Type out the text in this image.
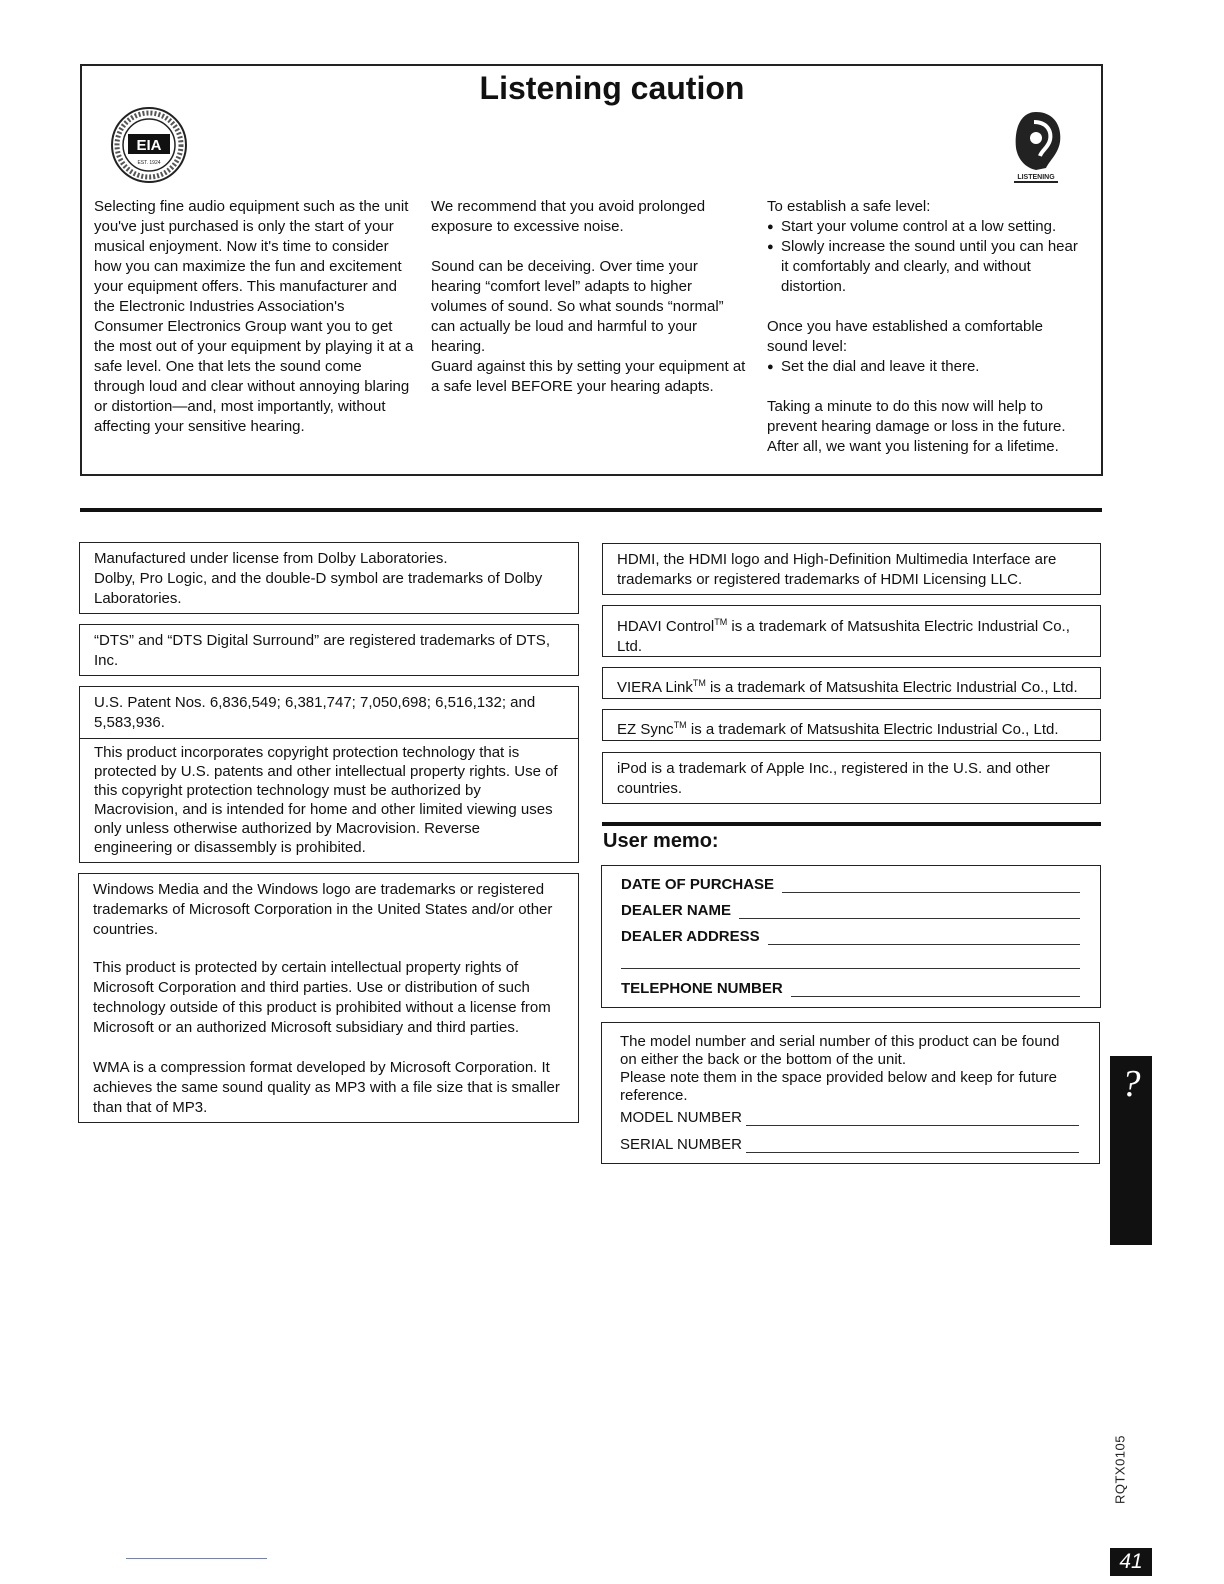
Listening caution
EIA
EST. 1924
LISTENING

Selecting fine audio equipment such as the unit
you've just purchased is only the start of your
musical enjoyment. Now it's time to consider
how you can maximize the fun and excitement
your equipment offers. This manufacturer and
the Electronic Industries Association's
Consumer Electronics Group want you to get
the most out of your equipment by playing it at a
safe level. One that lets the sound come
through loud and clear without annoying blaring
or distortion—and, most importantly, without
affecting your sensitive hearing.

We recommend that you avoid prolonged
exposure to excessive noise.

Sound can be deceiving. Over time your
hearing “comfort level” adapts to higher
volumes of sound. So what sounds “normal”
can actually be loud and harmful to your
hearing.
Guard against this by setting your equipment at
a safe level BEFORE your hearing adapts.

To establish a safe level:

● Start your volume control at a low setting.
● Slowly increase the sound until you can hear
it comfortably and clearly, and without
distortion.

Once you have established a comfortable
sound level:

● Set the dial and leave it there.

Taking a minute to do this now will help to
prevent hearing damage or loss in the future.
After all, we want you listening for a lifetime.

Manufactured under license from Dolby Laboratories.
Dolby, Pro Logic, and the double-D symbol are trademarks of Dolby
Laboratories.
“DTS” and “DTS Digital Surround” are registered trademarks of DTS,
Inc.
U.S. Patent Nos. 6,836,549; 6,381,747; 7,050,698; 6,516,132; and
5,583,936.
This product incorporates copyright protection technology that is
protected by U.S. patents and other intellectual property rights. Use of
this copyright protection technology must be authorized by
Macrovision, and is intended for home and other limited viewing uses
only unless otherwise authorized by Macrovision. Reverse
engineering or disassembly is prohibited.
Windows Media and the Windows logo are trademarks or registered
trademarks of Microsoft Corporation in the United States and/or other
countries.
This product is protected by certain intellectual property rights of
Microsoft Corporation and third parties. Use or distribution of such
technology outside of this product is prohibited without a license from
Microsoft or an authorized Microsoft subsidiary and third parties.
WMA is a compression format developed by Microsoft Corporation. It
achieves the same sound quality as MP3 with a file size that is smaller
than that of MP3.
HDMI, the HDMI logo and High-Definition Multimedia Interface are
trademarks or registered trademarks of HDMI Licensing LLC.
HDAVI Control™ is a trademark of Matsushita Electric Industrial Co.,
Ltd.
VIERA Link™ is a trademark of Matsushita Electric Industrial Co., Ltd.
EZ Sync™ is a trademark of Matsushita Electric Industrial Co., Ltd.
iPod is a trademark of Apple Inc., registered in the U.S. and other
countries.
User memo:
DATE OF PURCHASE
DEALER NAME
DEALER ADDRESS
TELEPHONE NUMBER
The model number and serial number of this product can be found
on either the back or the bottom of the unit.
Please note them in the space provided below and keep for future
reference.
MODEL NUMBER
SERIAL NUMBER
?
RQTX0105
41
